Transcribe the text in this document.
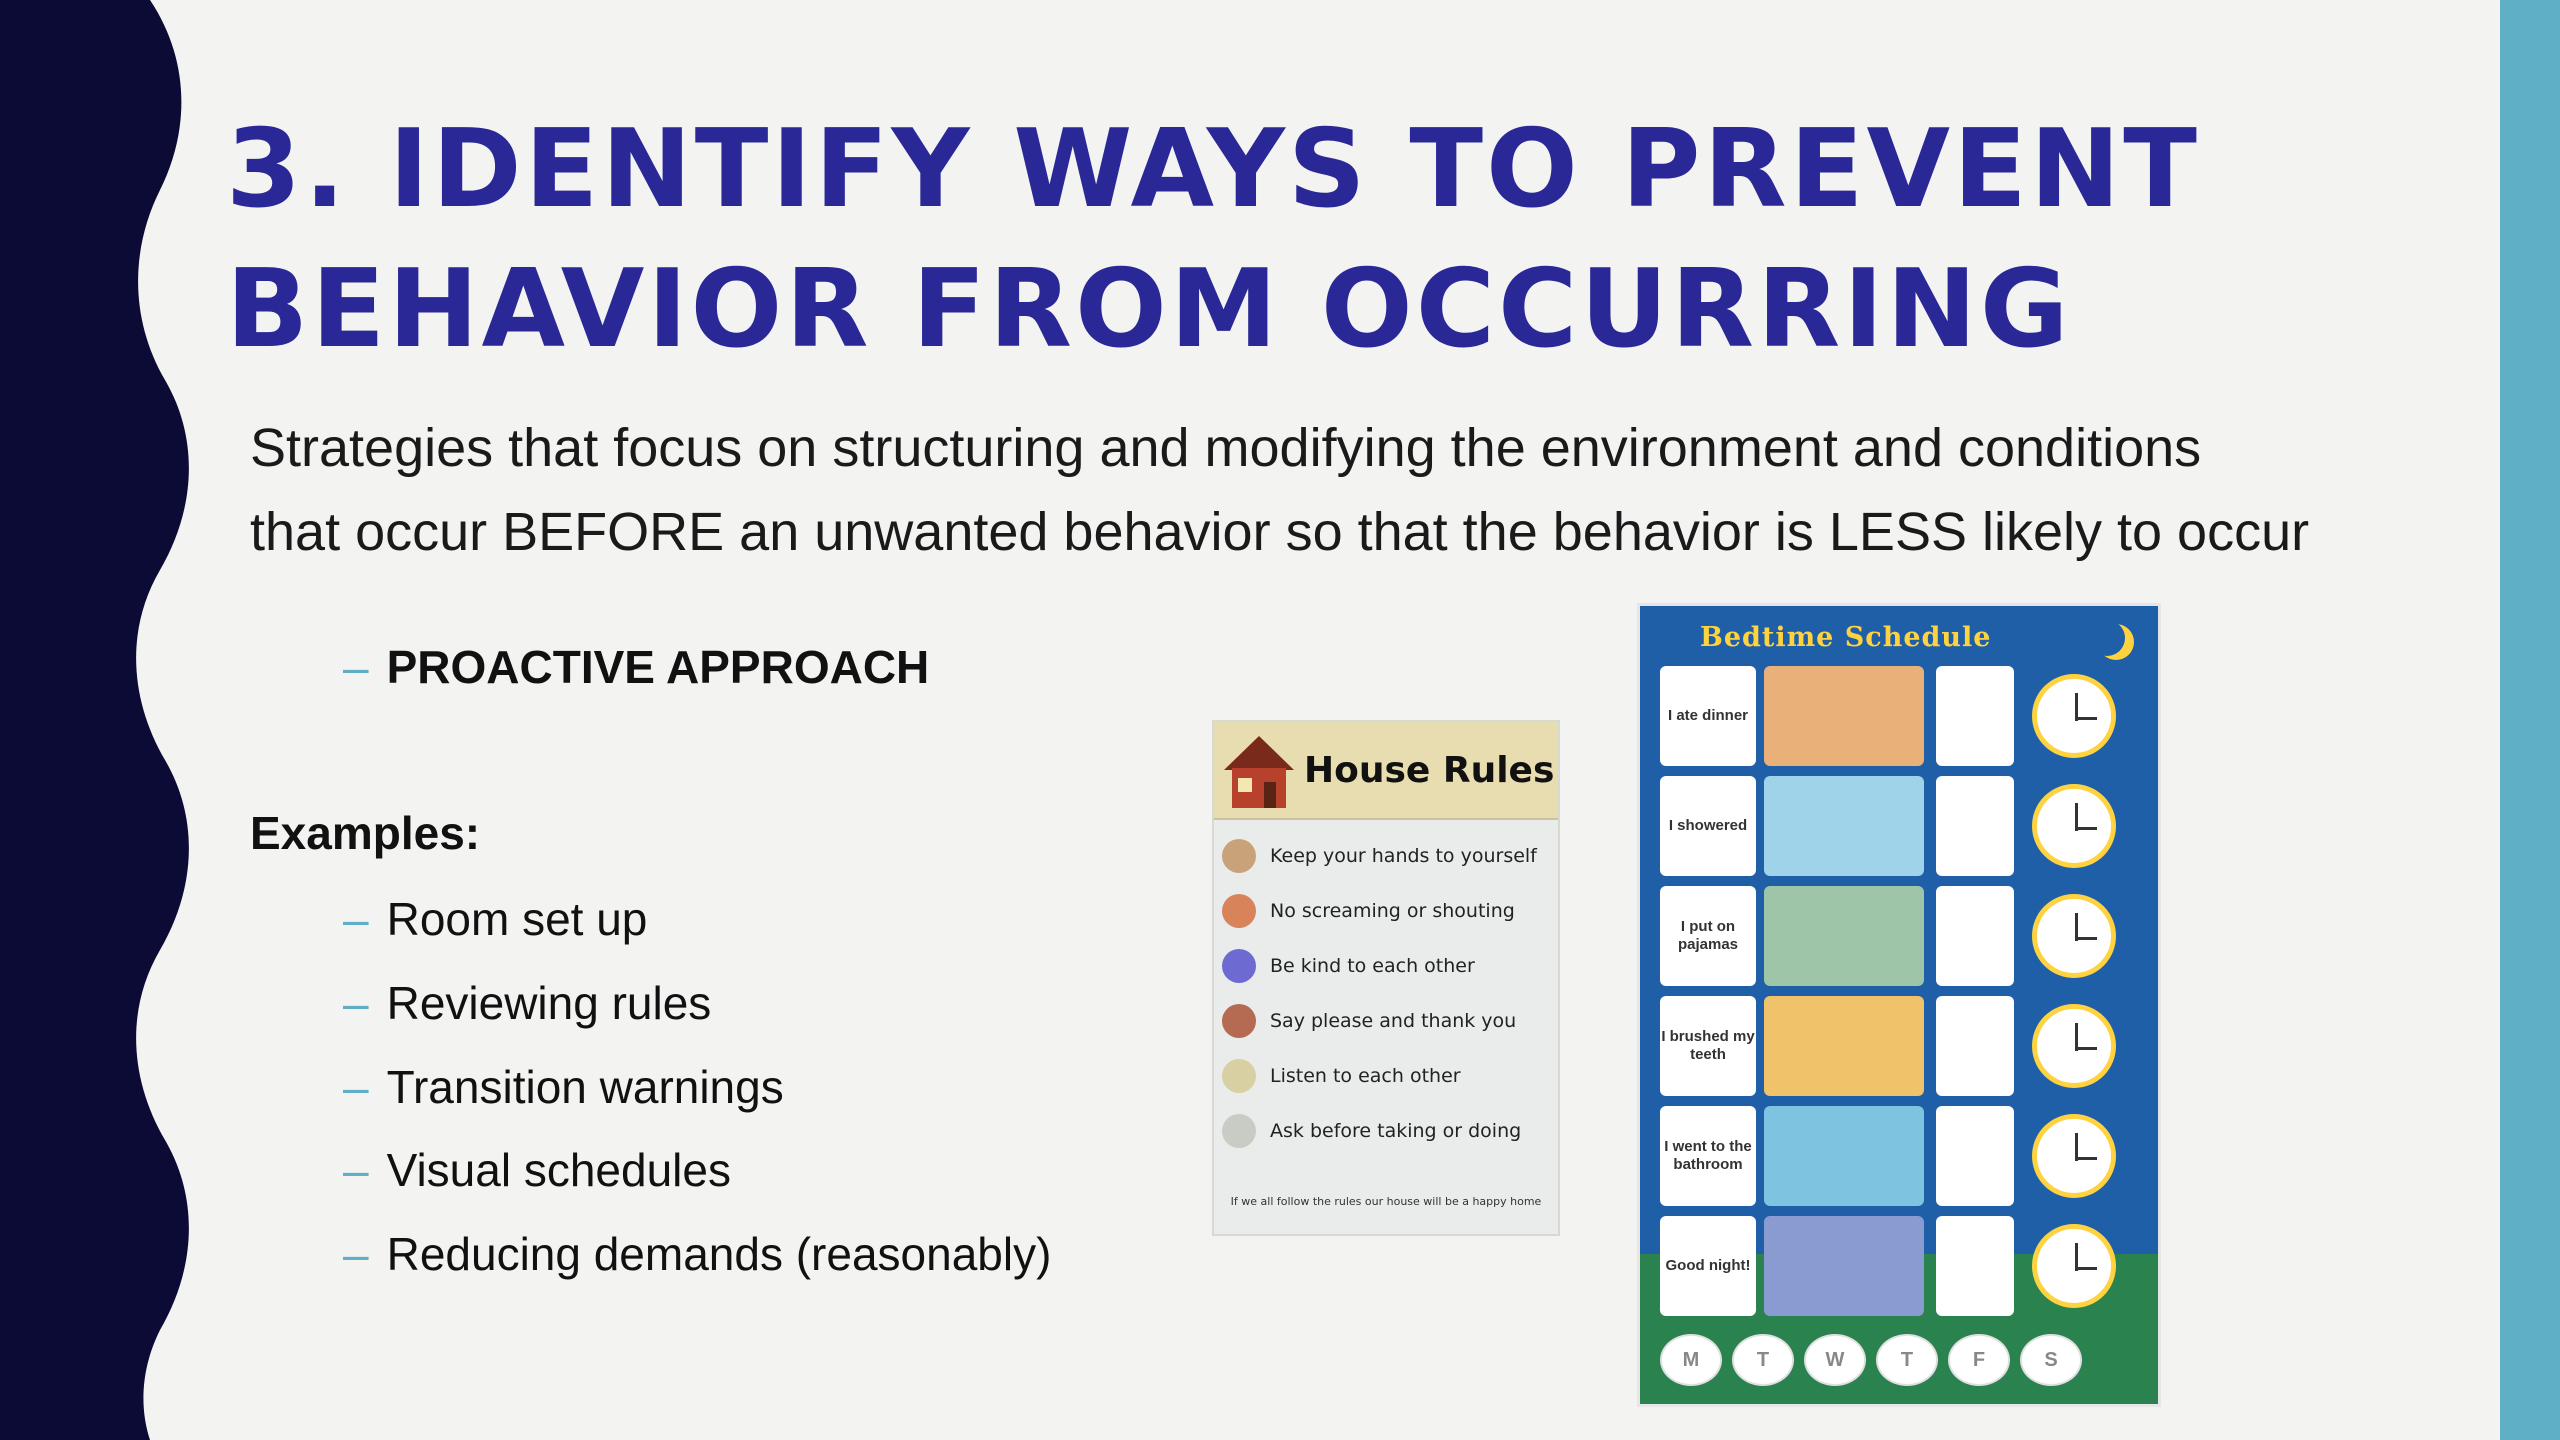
3. IDENTIFY WAYS TO PREVENT
BEHAVIOR FROM OCCURRING

Strategies that focus on structuring and modifying the environment and conditions
that occur BEFORE an unwanted behavior so that the behavior is LESS likely to occur

– PROACTIVE APPROACH
Examples:
– Room set up
– Reviewing rules
– Transition warnings
– Visual schedules
– Reducing demands (reasonably)
House Rules
Keep your hands to yourself
No screaming or shouting
Be kind to each other
Say please and thank you
Listen to each other
Ask before taking or doing
If we all follow the rules our house will be a happy home
Bedtime Schedule
I ate dinner
I showered
I put on pajamas
I brushed my teeth
I went to the bathroom
Good night!
M	T	W	T	F	S
